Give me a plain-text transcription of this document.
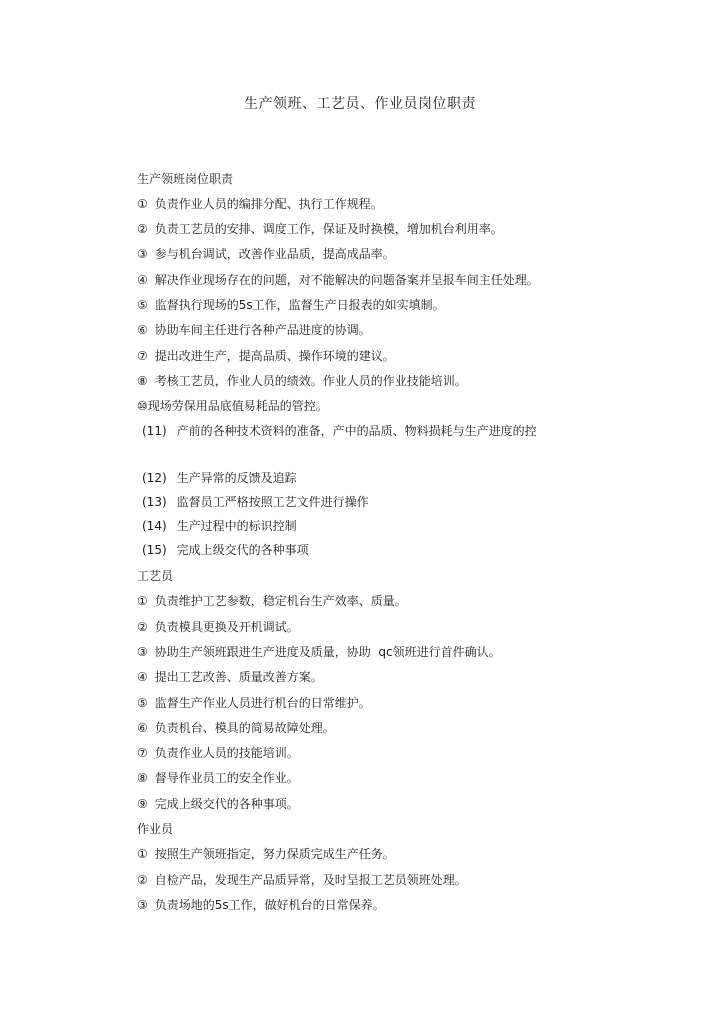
生产领班、工艺员、作业员岗位职责
生产领班岗位职责
① 负责作业人员的编排分配、执行工作规程。
② 负责工艺员的安排、调度工作，保证及时换模，增加机台利用率。
③ 参与机台调试，改善作业品质，提高成品率。
④ 解决作业现场存在的问题，对不能解决的问题备案并呈报车间主任处理。
⑤ 监督执行现场的5s工作，监督生产日报表的如实填制。
⑥ 协助车间主任进行各种产品进度的协调。
⑦ 提出改进生产，提高品质、操作环境的建议。
⑧ 考核工艺员，作业人员的绩效。作业人员的作业技能培训。
⑩现场劳保用品底值易耗品的管控。
(11) 产前的各种技术资料的准备，产中的品质、物料损耗与生产进度的控
(12) 生产异常的反馈及追踪
(13) 监督员工严格按照工艺文件进行操作
(14) 生产过程中的标识控制
(15) 完成上级交代的各种事项
工艺员
① 负责维护工艺参数，稳定机台生产效率、质量。
② 负责模具更换及开机调试。
③ 协助生产领班跟进生产进度及质量，协助  qc领班进行首件确认。
④ 提出工艺改善、质量改善方案。
⑤ 监督生产作业人员进行机台的日常维护。
⑥ 负责机台、模具的简易故障处理。
⑦ 负责作业人员的技能培训。
⑧ 督导作业员工的安全作业。
⑨ 完成上级交代的各种事项。
作业员
① 按照生产领班指定，努力保质完成生产任务。
② 自检产品，发现生产品质异常，及时呈报工艺员领班处理。
③ 负责场地的5s工作，做好机台的日常保养。
